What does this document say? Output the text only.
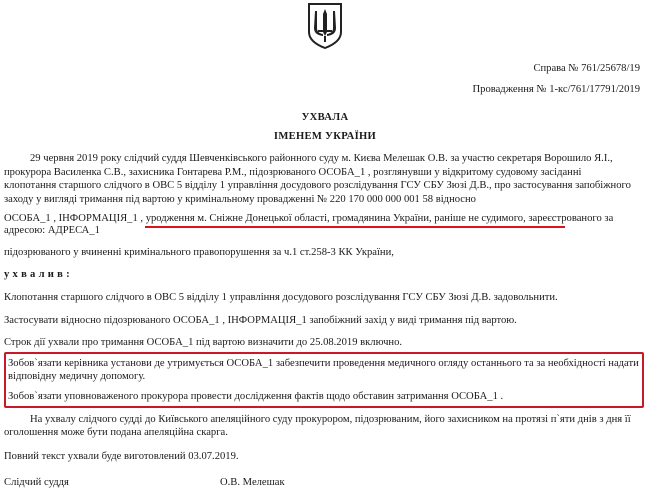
Справа № 761/25678/19
Провадження № 1-кс/761/17791/2019
УХВАЛА
ІМЕНЕМ УКРАЇНИ
29 червня 2019 року слідчий суддя Шевченківського районного суду м. Києва Мелешак О.В. за участю секретаря Ворошило Я.І.,
прокурора Василенка С.В., захисника Гонтарева Р.М., підозрюваного ОСОБА_1 , розглянувши у відкритому судовому засіданні
клопотання старшого слідчого в ОВС 5 відділу 1 управління досудового розслідування ГСУ СБУ Зюзі Д.В., про застосування запобіжного
заходу у вигляді тримання під вартою у кримінальному провадженні № 220 170 000 000 001 58 відносно
ОСОБА_1 , ІНФОРМАЦІЯ_1 , уродження м. Сніжне Донецької області, громадянина України, раніше не судимого, зареєстрованого за
адресою: АДРЕСА_1
підозрюваного у вчиненні кримінального правопорушення за ч.1 ст.258-3 КК України,
у х в а л и в :
Клопотання старшого слідчого в ОВС 5 відділу 1 управління досудового розслідування ГСУ СБУ Зюзі Д.В. задовольнити.
Застосувати відносно підозрюваного ОСОБА_1 , ІНФОРМАЦІЯ_1 запобіжний захід у виді тримання під вартою.
Строк дії ухвали про тримання ОСОБА_1 під вартою визначити до 25.08.2019 включно.
Зобов`язати керівника установи де утримується ОСОБА_1 забезпечити проведення медичного огляду останнього та за необхідності надати
відповідну медичну допомогу.
Зобов`язати уповноваженого прокурора провести дослідження фактів щодо обставин затримання ОСОБА_1 .
На ухвалу слідчого судді до Київського апеляційного суду прокурором, підозрюваним, його захисником на протязі п`яти днів з дня її
оголошення може бути подана апеляційна скарга.
Повний текст ухвали буде виготовлений 03.07.2019.
Слідчий суддя	О.В. Мелешак
